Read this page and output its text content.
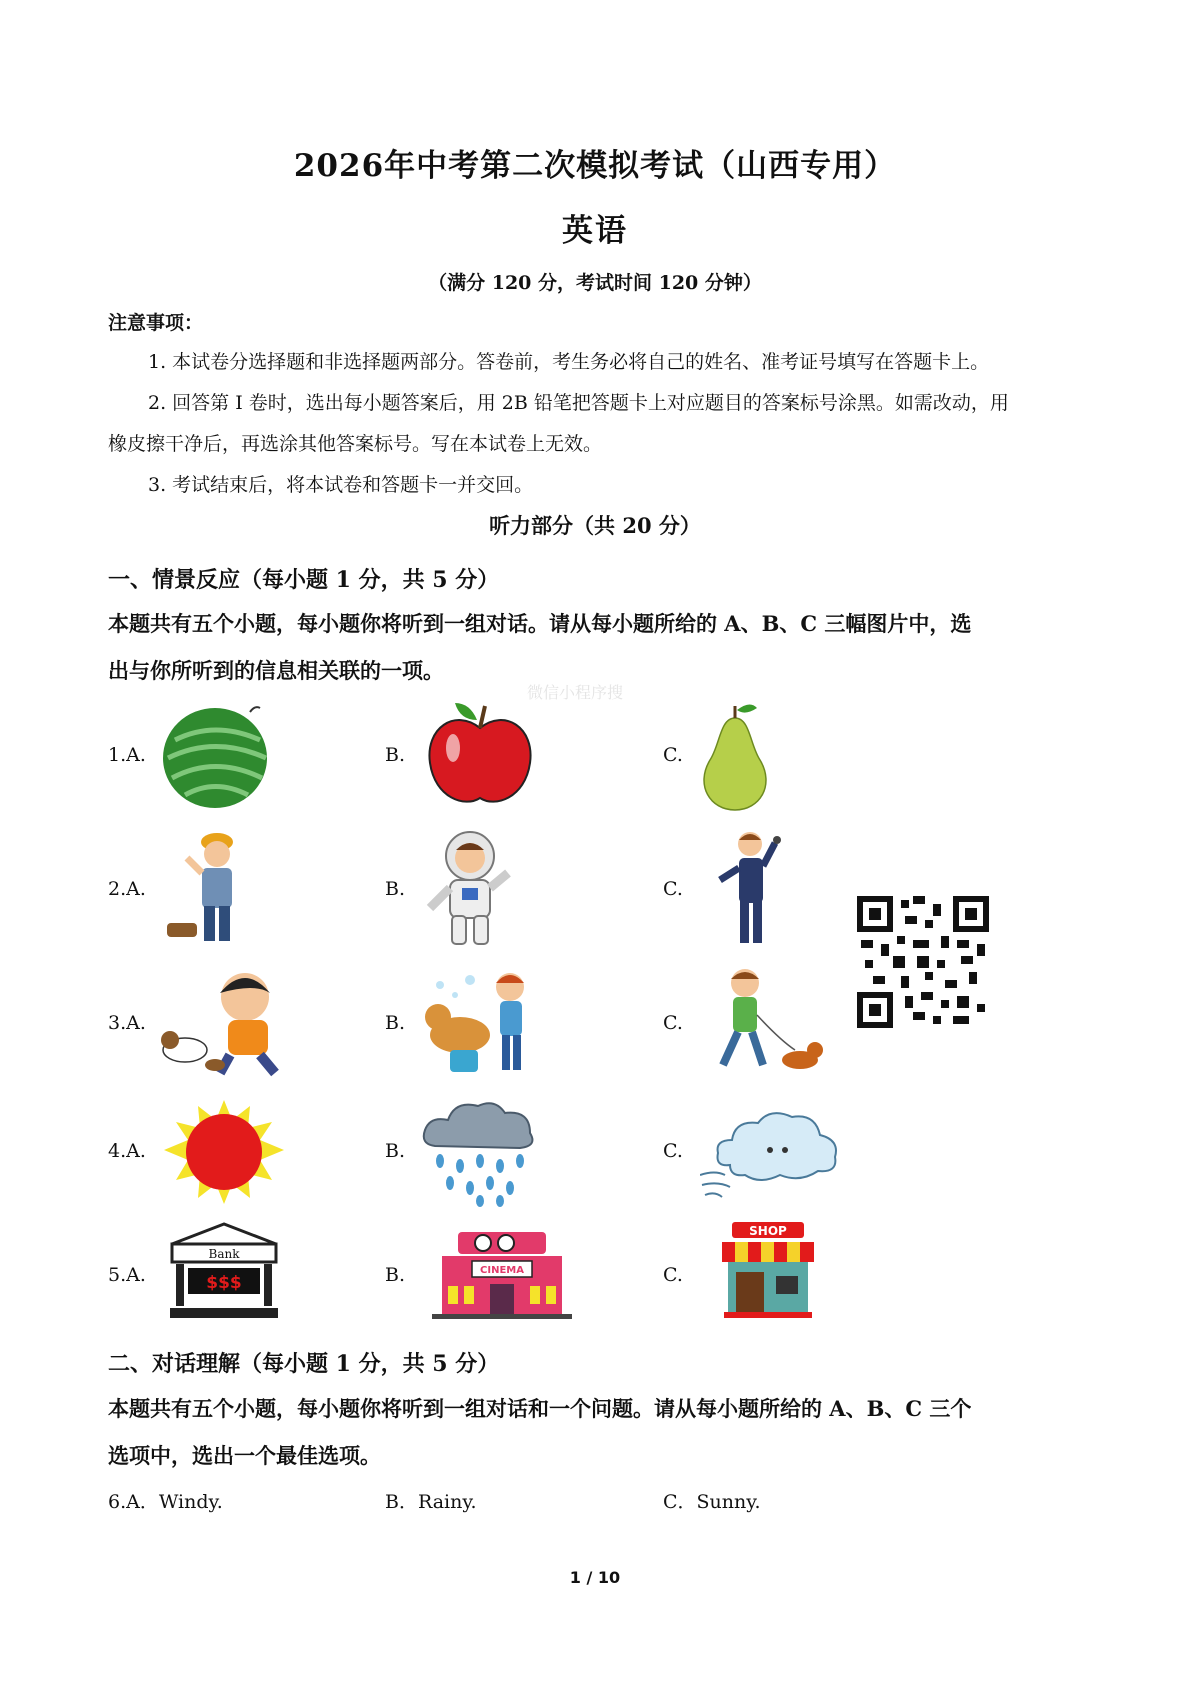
2026年中考第二次模拟考试（山西专用）
英语
（满分 120 分，考试时间 120 分钟）
注意事项：
1. 本试卷分选择题和非选择题两部分。答卷前，考生务必将自己的姓名、准考证号填写在答题卡上。
2. 回答第 I 卷时，选出每小题答案后，用 2B 铅笔把答题卡上对应题目的答案标号涂黑。如需改动，用
橡皮擦干净后，再选涂其他答案标号。写在本试卷上无效。
3. 考试结束后，将本试卷和答题卡一并交回。
听力部分（共 20 分）
一、情景反应（每小题 1 分，共 5 分）
本题共有五个小题，每小题你将听到一组对话。请从每小题所给的 A、B、C 三幅图片中，选
出与你所听到的信息相关联的一项。
微信小程序搜
1.A.	B.	C.
2.A.	B.	C.
3.A.	B.	C.
4.A.	B.	C.
5.A.	B.	C.
Bank
$$$
CINEMA
SHOP
二、对话理解（每小题 1 分，共 5 分）
本题共有五个小题，每小题你将听到一组对话和一个问题。请从每小题所给的 A、B、C 三个
选项中，选出一个最佳选项。
6.A．Windy.	B．Rainy.	C．Sunny.
1 / 10
